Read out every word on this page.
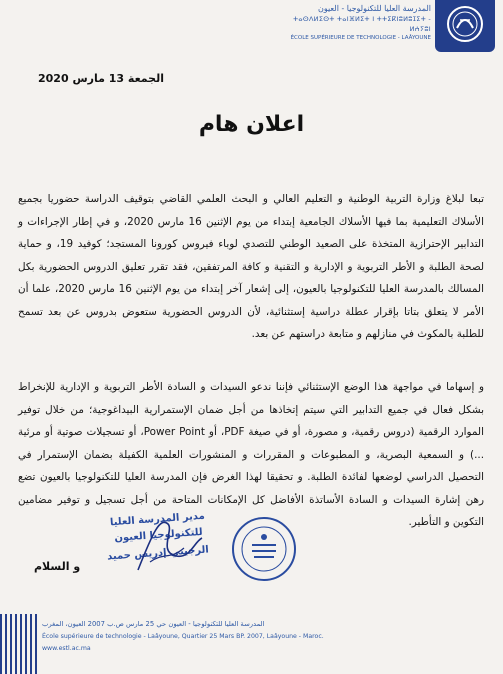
المدرسة العليا للتكنولوجيا - العيون
ⵜⴰⵙⴷⵍⵉⵙⵜ ⵜⴰⵏⴼⵍⵉⵜ ⵏ ⵜⵜⵉⴽⵏⵓⵍⵓⵊⵉⵜ - ⵍⵄⵢⵓⵏ
ÉCOLE SUPÉRIEURE DE TECHNOLOGIE - LAÂYOUNE
الجمعة 13 مارس 2020
اعلان هام
تبعا لبلاغ وزارة التربية الوطنية و التعليم العالي و البحث العلمي القاضي بتوقيف الدراسة حضوريا بجميع الأسلاك التعليمية بما فيها الأسلاك الجامعية إبتداء من يوم الإثنين 16 مارس 2020، و في إطار الإجراءات و التدابير الإحترازية المتخذة على الصعيد الوطني للتصدي لوباء فيروس كورونا المستجد؛ كوفيد 19، و حماية لصحة الطلبة و الأطر التربوية و الإدارية و التقنية و كافة المرتفقين، فقد تقرر تعليق الدروس الحضورية بكل المسالك بالمدرسة العليا للتكنولوجيا بالعيون، إلى إشعار آخر إبتداء من يوم الإثنين 16 مارس 2020، علما أن الأمر لا يتعلق بتاتا بإقرار عطلة دراسية إستثنائية، لأن الدروس الحضورية ستعوض بدروس عن بعد تسمح للطلبة بالمكوث في منازلهم و متابعة دراستهم عن بعد.
و إسهاما في مواجهة هذا الوضع الإستثنائي فإننا ندعو السيدات و السادة الأطر التربوية و الإدارية للإنخراط بشكل فعال في جميع التدابير التي سيتم إتخاذها من أجل ضمان الإستمرارية البيداغوجية؛ من خلال توفير الموارد الرقمية (دروس رقمية، و مصورة، أو في صيغة PDF، أو Power Point، أو تسجيلات صوتية أو مرئية ...) و السمعية البصرية، و المطبوعات و المقررات و المنشورات العلمية الكفيلة بضمان الإستمرار في التحصيل الدراسي لوضعها لفائدة الطلبة. و تحقيقا لهذا الغرض فإن المدرسة العليا للتكنولوجيا بالعيون تضع رهن إشارة السيدات و السادة الأساتذة الأفاضل كل الإمكانات المتاحة من أجل تسجيل و توفير مضامين التكوين و التأطير.
و السلام
مدير المدرسة العليا للتكنولوجيا العيون
الرجيبي إدريس حميد
المدرسة العليا للتكنولوجيا - العيون حي 25 مارس ص.ب 2007 العيون، المغرب
École supérieure de technologie - Laâyoune, Quartier 25 Mars BP. 2007, Laâyoune - Maroc.
www.estl.ac.ma
